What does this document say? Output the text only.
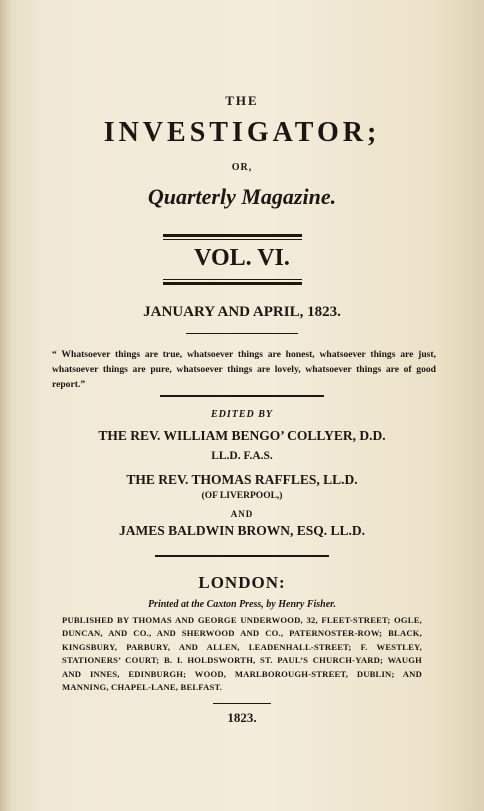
THE
INVESTIGATOR;
OR,
Quarterly Magazine.
VOL. VI.
JANUARY AND APRIL, 1823.
“ Whatsoever things are true, whatsoever things are honest, whatsoever things are just, whatsoever things are pure, whatsoever things are lovely, whatsoever things are of good report.”
EDITED BY
THE REV. WILLIAM BENGO’ COLLYER, D.D.
LL.D. F.A.S.
THE REV. THOMAS RAFFLES, LL.D.
(OF LIVERPOOL,)
AND
JAMES BALDWIN BROWN, ESQ. LL.D.
LONDON:
Printed at the Caxton Press, by Henry Fisher.
PUBLISHED BY THOMAS AND GEORGE UNDERWOOD, 32, FLEET-STREET; OGLE, DUNCAN, AND CO., AND SHERWOOD AND CO., PATERNOSTER-ROW; BLACK, KINGSBURY, PARBURY, AND ALLEN, LEADENHALL-STREET; F. WESTLEY, STATIONERS’ COURT; B. I. HOLDSWORTH, ST. PAUL’S CHURCH-YARD; WAUGH AND INNES, EDINBURGH; WOOD, MARLBOROUGH-STREET, DUBLIN; AND MANNING, CHAPEL-LANE, BELFAST.
1823.
